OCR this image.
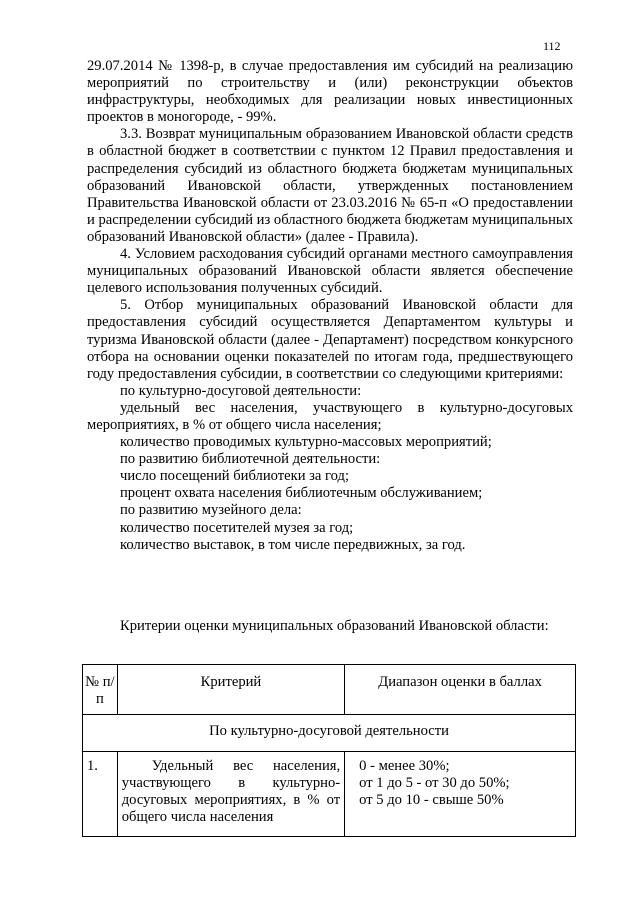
112

29.07.2014 № 1398-р, в случае предоставления им субсидий на реализацию мероприятий по строительству и (или) реконструкции объектов инфраструктуры, необходимых для реализации новых инвестиционных проектов в моногороде, - 99%.

3.3. Возврат муниципальным образованием Ивановской области средств в областной бюджет в соответствии с пунктом 12 Правил предоставления и распределения субсидий из областного бюджета бюджетам муниципальных образований Ивановской области, утвержденных постановлением Правительства Ивановской области от 23.03.2016 № 65-п «О предоставлении и распределении субсидий из областного бюджета бюджетам муниципальных образований Ивановской области» (далее - Правила).

4. Условием расходования субсидий органами местного самоуправления муниципальных образований Ивановской области является обеспечение целевого использования полученных субсидий.

5. Отбор муниципальных образований Ивановской области для предоставления субсидий осуществляется Департаментом культуры и туризма Ивановской области (далее - Департамент) посредством конкурсного отбора на основании оценки показателей по итогам года, предшествующего году предоставления субсидии, в соответствии со следующими критериями:

по культурно-досуговой деятельности:

удельный вес населения, участвующего в культурно-досуговых мероприятиях, в % от общего числа населения;

количество проводимых культурно-массовых мероприятий;

по развитию библиотечной деятельности:

число посещений библиотеки за год;

процент охвата населения библиотечным обслуживанием;

по развитию музейного дела:

количество посетителей музея за год;

количество выставок, в том числе передвижных, за год.

Критерии оценки муниципальных образований Ивановской области:
№ п/п	Критерий	Диапазон оценки в баллах
По культурно-досуговой деятельности		
1.	Удельный вес населения, участвующего в культурно-досуговых мероприятиях, в % от общего числа населения	0 - менее 30%;
от 1 до 5 - от 30 до 50%;
от 5 до 10 - свыше 50%
